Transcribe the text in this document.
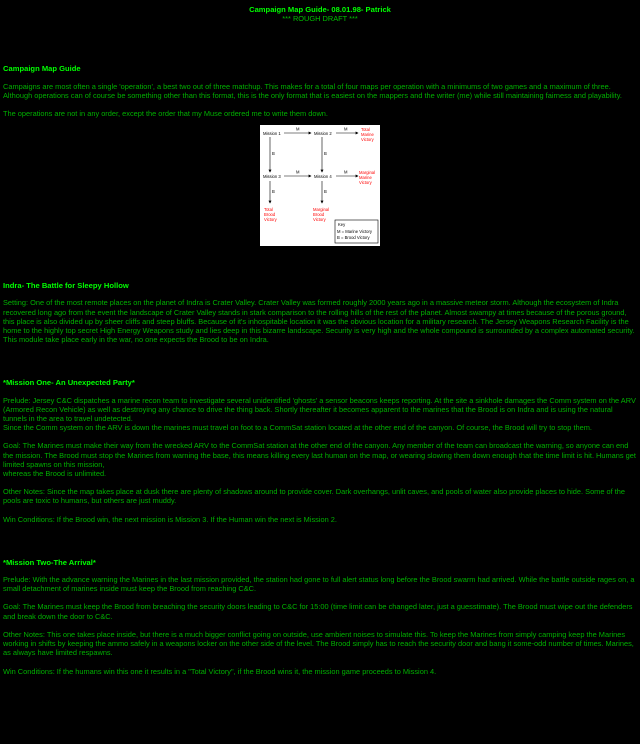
Campaign Map Guide- 08.01.98- Patrick
*** ROUGH DRAFT ***
Campaign Map Guide

Campaigns are most often a single 'operation', a best two out of three matchup. This makes for a total of four maps per operation with a minimums of two games and a maximum of three. Although operations can of course be something other than this format, this is the only format that is easiest on the mappers and the writer (me) while still maintaining fairness and playability.

The operations are not in any order, except the order that my Muse ordered me to write them down.

Mission 1	Mission 2
Mission 3	Mission 4
M	M
B	B
M	M
B	B
Total
Marine
Victory
Marginal
Marine
Victory
Total
Brood
Victory
Marginal
Brood
Victory
Key
M = Marine Victory
B = Brood Victory
Indra- The Battle for Sleepy Hollow

Setting: One of the most remote places on the planet of Indra is Crater Valley. Crater Valley was formed roughly 2000 years ago in a massive meteor storm. Although the ecosystem of Indra recovered long ago from the event the landscape of Crater Valley stands in stark comparison to the rolling hills of the rest of the planet. Almost swampy at times because of the porous ground, this place is also divided up by sheer cliffs and steep bluffs. Because of it's inhospitable location it was the obvious location for a military research. The Jersey Weapons Research Facility is the home to the highly top secret High Energy Weapons study and lies deep in this bizarre landscape. Security is very high and the whole compound is surrounded by a complex automated security. This module take place early in the war, no one expects the Brood to be on Indra.

*Mission One- An Unexpected Party*

Prelude: Jersey C&C dispatches a marine recon team to investigate several unidentified 'ghosts' a sensor beacons keeps reporting. At the site a sinkhole damages the Comm system on the ARV (Armored Recon Vehicle) as well as destroying any chance to drive the thing back. Shortly thereafter it becomes apparent to the marines that the Brood is on Indra and is using the natural tunnels in the area to travel undetected.

Since the Comm system on the ARV is down the marines must travel on foot to a CommSat station located at the other end of the canyon. Of course, the Brood will try to stop them.

Goal: The Marines must make their way from the wrecked ARV to the CommSat station at the other end of the canyon. Any member of the team can broadcast the warning, so anyone can end the mission. The Brood must stop the Marines from warning the base, this means killing every last human on the map, or wearing slowing them down enough that the time limit is hit. Humans get limited spawns on this mission,

whereas the Brood is unlimited.

Other Notes: Since the map takes place at dusk there are plenty of shadows around to provide cover. Dark overhangs, unlit caves, and pools of water also provide places to hide. Some of the pools are toxic to humans, but others are just muddy.

Win Conditions: If the Brood win, the next mission is Mission 3. If the Human win the next is Mission 2.

*Mission Two-The Arrival*

Prelude: With the advance warning the Marines in the last mission provided, the station had gone to full alert status long before the Brood swarm had arrived. While the battle outside rages on, a small detachment of marines inside must keep the Brood from reaching C&C.

Goal: The Marines must keep the Brood from breaching the security doors leading to C&C for 15:00 (time limit can be changed later, just a guesstimate). The Brood must wipe out the defenders and break down the door to C&C.

Other Notes: This one takes place inside, but there is a much bigger conflict going on outside, use ambient noises to simulate this. To keep the Marines from simply camping keep the Marines working in shifts by keeping the ammo safely in a weapons locker on the other side of the level. The Brood simply has to reach the security door and bang it some-odd number of times. Marines, as always have limited respawns.

Win Conditions: If the humans win this one it results in a "Total Victory", if the Brood wins it, the mission game proceeds to Mission 4.
